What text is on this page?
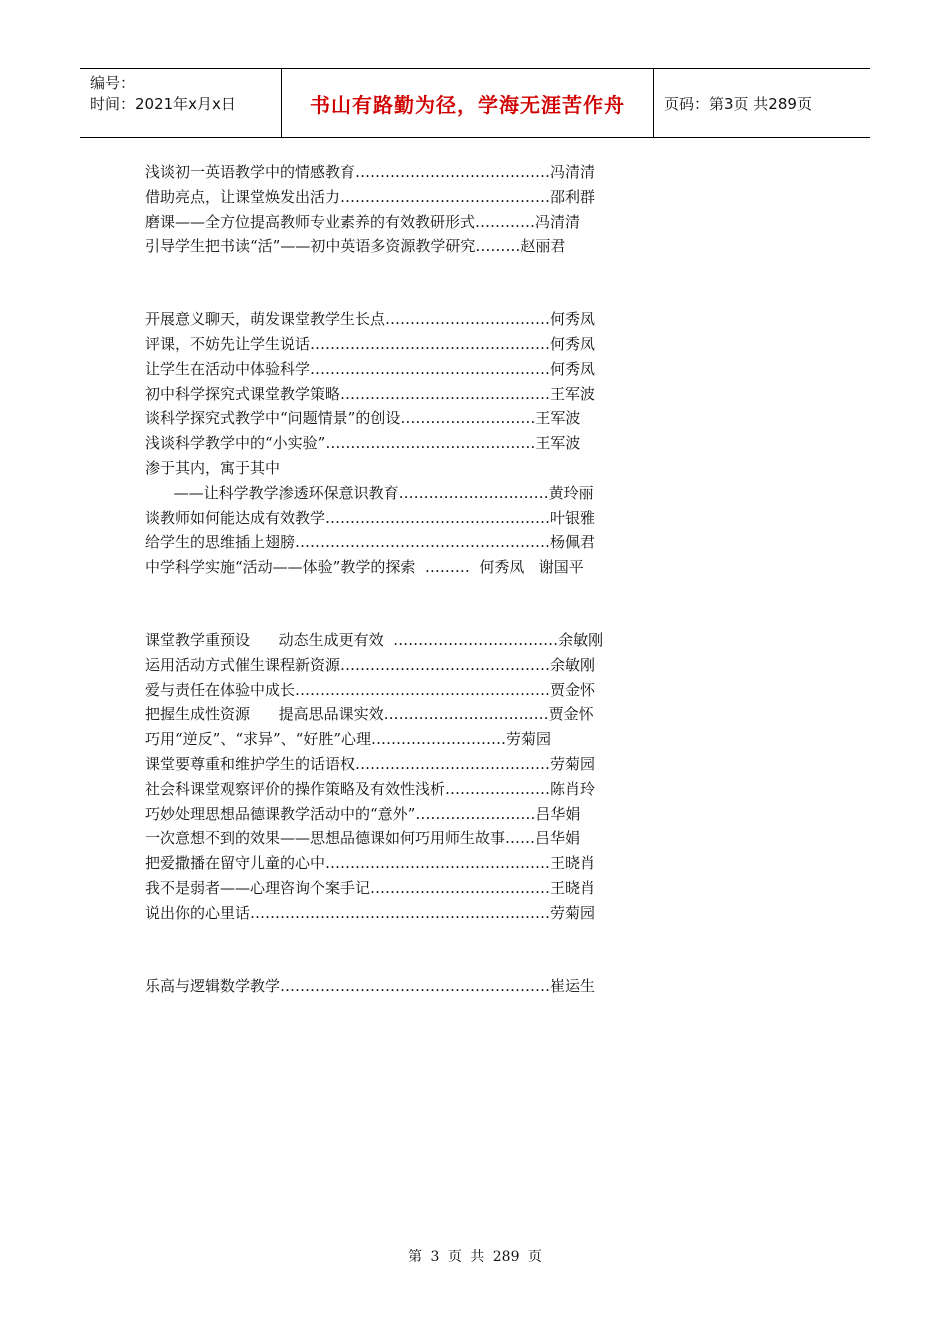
编号：
时间：2021年x月x日	书山有路勤为径，学海无涯苦作舟	页码：第3页 共289页
浅谈初一英语教学中的情感教育…………………………………冯清清
借助亮点，让课堂焕发出活力……………………………………邵利群
磨课——全方位提高教师专业素养的有效教研形式…………冯清清
引导学生把书读“活”——初中英语多资源教学研究………赵丽君
开展意义聊天，萌发课堂教学生长点……………………………何秀凤
评课，不妨先让学生说话…………………………………………何秀凤
让学生在活动中体验科学…………………………………………何秀凤
初中科学探究式课堂教学策略……………………………………王军波
谈科学探究式教学中“问题情景”的创设………………………王军波
浅谈科学教学中的“小实验”……………………………………王军波
渗于其内，寓于其中
——让科学教学渗透环保意识教育…………………………黄玲丽
谈教师如何能达成有效教学………………………………………叶银雅
给学生的思维插上翅膀……………………………………………杨佩君
中学科学实施“活动——体验”教学的探索  ………  何秀凤   谢国平
课堂教学重预设      动态生成更有效  ……………………………余敏刚
运用活动方式催生课程新资源……………………………………余敏刚
爱与责任在体验中成长……………………………………………贾金怀
把握生成性资源      提高思品课实效……………………………贾金怀
巧用“逆反”、“求异”、“好胜”心理………………………劳菊园
课堂要尊重和维护学生的话语权…………………………………劳菊园
社会科课堂观察评价的操作策略及有效性浅析…………………陈肖玲
巧妙处理思想品德课教学活动中的“意外”……………………吕华娟
一次意想不到的效果——思想品德课如何巧用师生故事……吕华娟
把爱撒播在留守儿童的心中………………………………………王晓肖
我不是弱者——心理咨询个案手记………………………………王晓肖
说出你的心里话……………………………………………………劳菊园
乐高与逻辑数学教学………………………………………………崔运生
第 3 页 共 289 页
